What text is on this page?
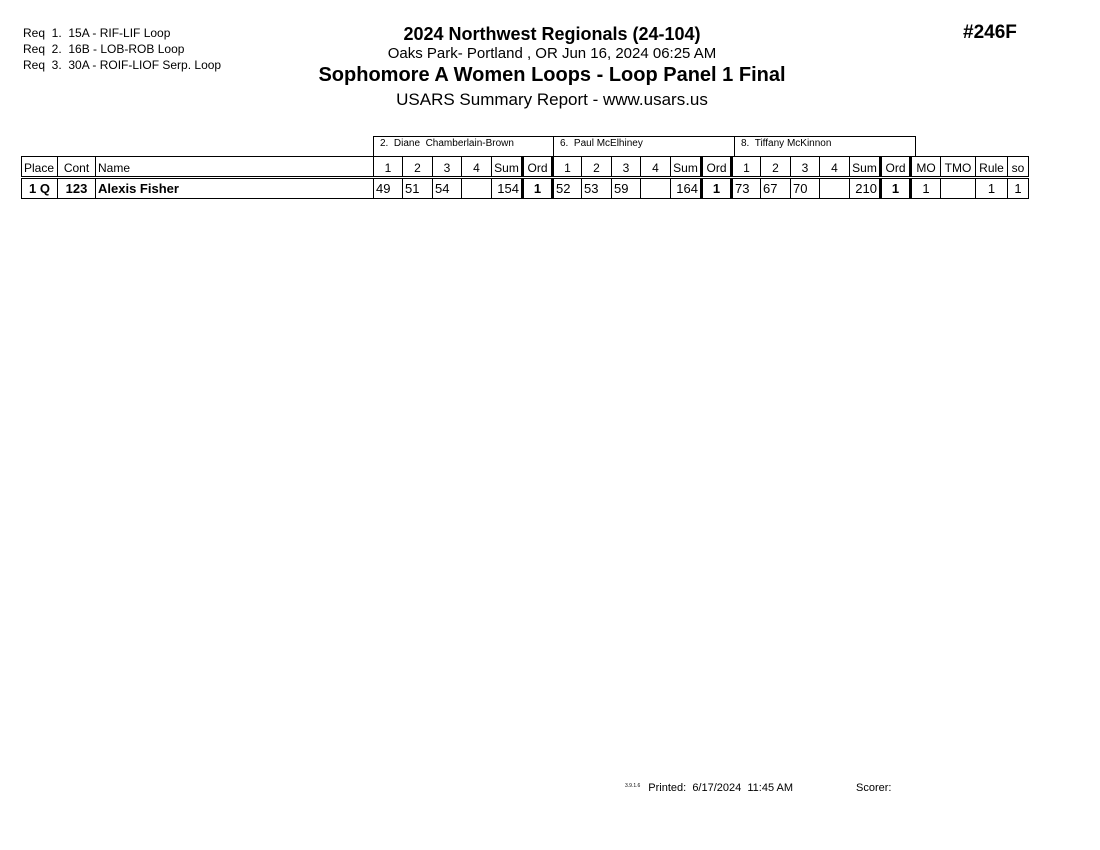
Req  1.  15A - RIF-LIF Loop
Req  2.  16B - LOB-ROB Loop
Req  3.  30A - ROIF-LIOF Serp. Loop
2024 Northwest Regionals (24-104)
Oaks Park- Portland , OR Jun 16, 2024 06:25 AM
Sophomore A Women Loops - Loop Panel 1 Final
USARS Summary Report - www.usars.us
#246F
2.  Diane  Chamberlain-Brown	6.  Paul McElhiney	8.  Tiffany McKinnon
Place	Cont	Name	1	2	3	4	Sum	Ord	1	2	3	4	Sum	Ord	1	2	3	4	Sum	Ord	MO	TMO	Rule	so
1 Q	123	Alexis Fisher	49	51	54		154	1	52	53	59		164	1	73	67	70		210	1	1		1	1
3.9.1.6 Printed:  6/17/2024  11:45 AM	Scorer:
